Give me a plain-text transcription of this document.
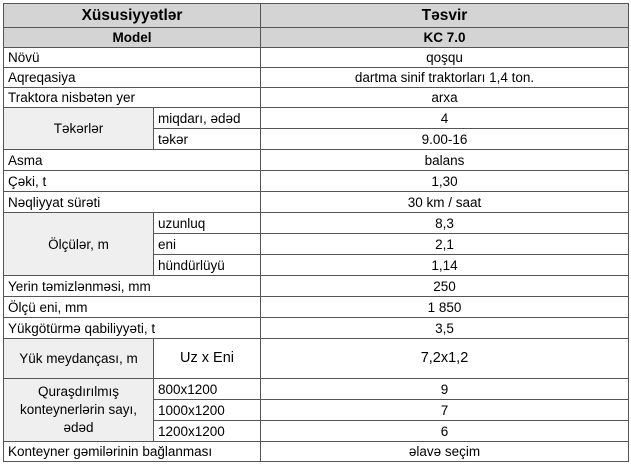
Xüsusiyyətlər		Təsvir
Model		KC 7.0
Növü		qoşqu
Aqreqasiya		dartma sinif traktorları 1,4 ton.
Traktora nisbətən yer		arxa
Təkərlər	miqdarı, ədəd	4
	təkər	9.00-16
Asma		balans
Çəki, t		1,30
Nəqliyyat sürəti		30 km / saat
Ölçülər, m	uzunluq	8,3
	eni	2,1
	hündürlüyü	1,14
Yerin təmizlənməsi, mm		250
Ölçü eni, mm		1 850
Yükgötürmə qabiliyyəti, t		3,5
Yük meydançası, m	Uz x Eni	7,2x1,2
Quraşdırılmış konteynerlərin sayı, ədəd	800x1200	9
	1000x1200	7
	1200x1200	6
Konteyner gəmilərinin bağlanması		əlavə seçim
